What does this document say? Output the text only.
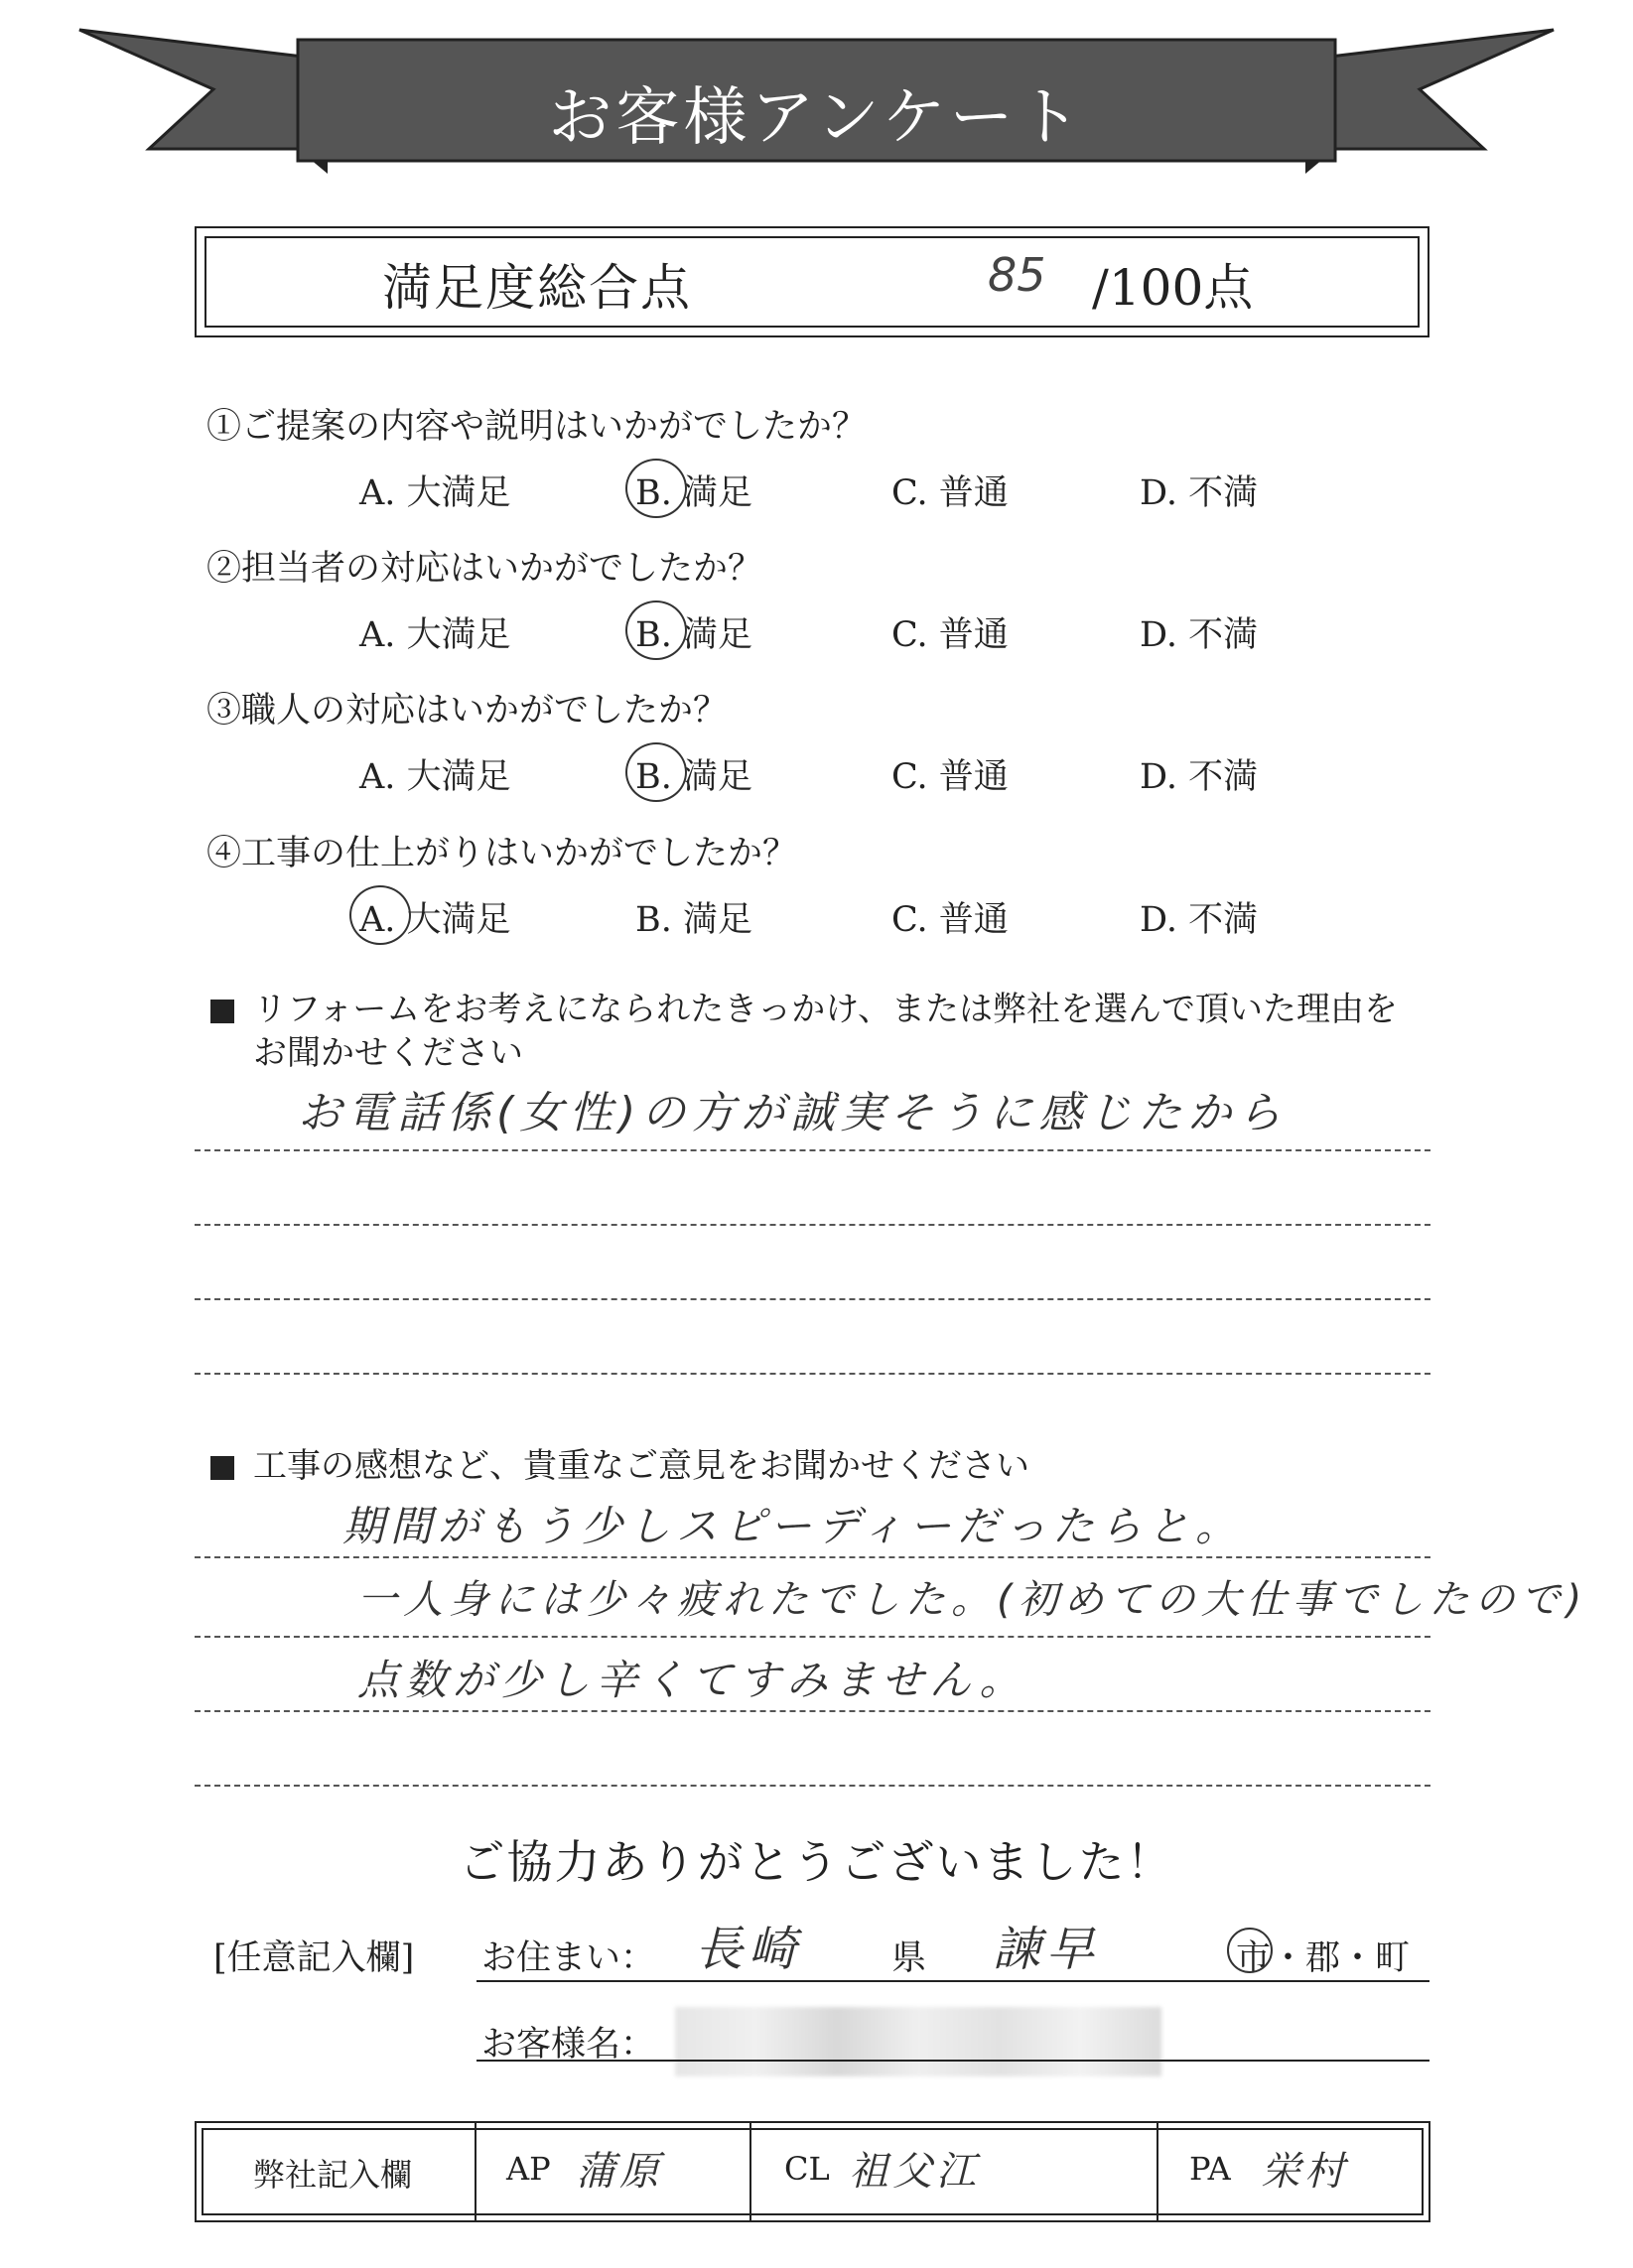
お客様アンケート
満足度総合点	85 /100点
①ご提案の内容や説明はいかがでしたか？
A. 大満足	B. 満足	C. 普通	D. 不満
②担当者の対応はいかがでしたか？
A. 大満足	B. 満足	C. 普通	D. 不満
③職人の対応はいかがでしたか？
A. 大満足	B. 満足	C. 普通	D. 不満
④工事の仕上がりはいかがでしたか？
A. 大満足	B. 満足	C. 普通	D. 不満
リフォームをお考えになられたきっかけ、または弊社を選んで頂いた理由を
お聞かせください
お電話係(女性)の方が誠実そうに感じたから
工事の感想など、貴重なご意見をお聞かせください
期間がもう少しスピーディーだったらと。
一人身には少々疲れたでした。(初めての大仕事でしたので)
点数が少し辛くてすみません。
ご協力ありがとうございました！
[任意記入欄] お住まい： 長崎	県 諫早	市・郡・町
お客様名：
弊社記入欄	AP 蒲原	CL 祖父江	PA 栄村
